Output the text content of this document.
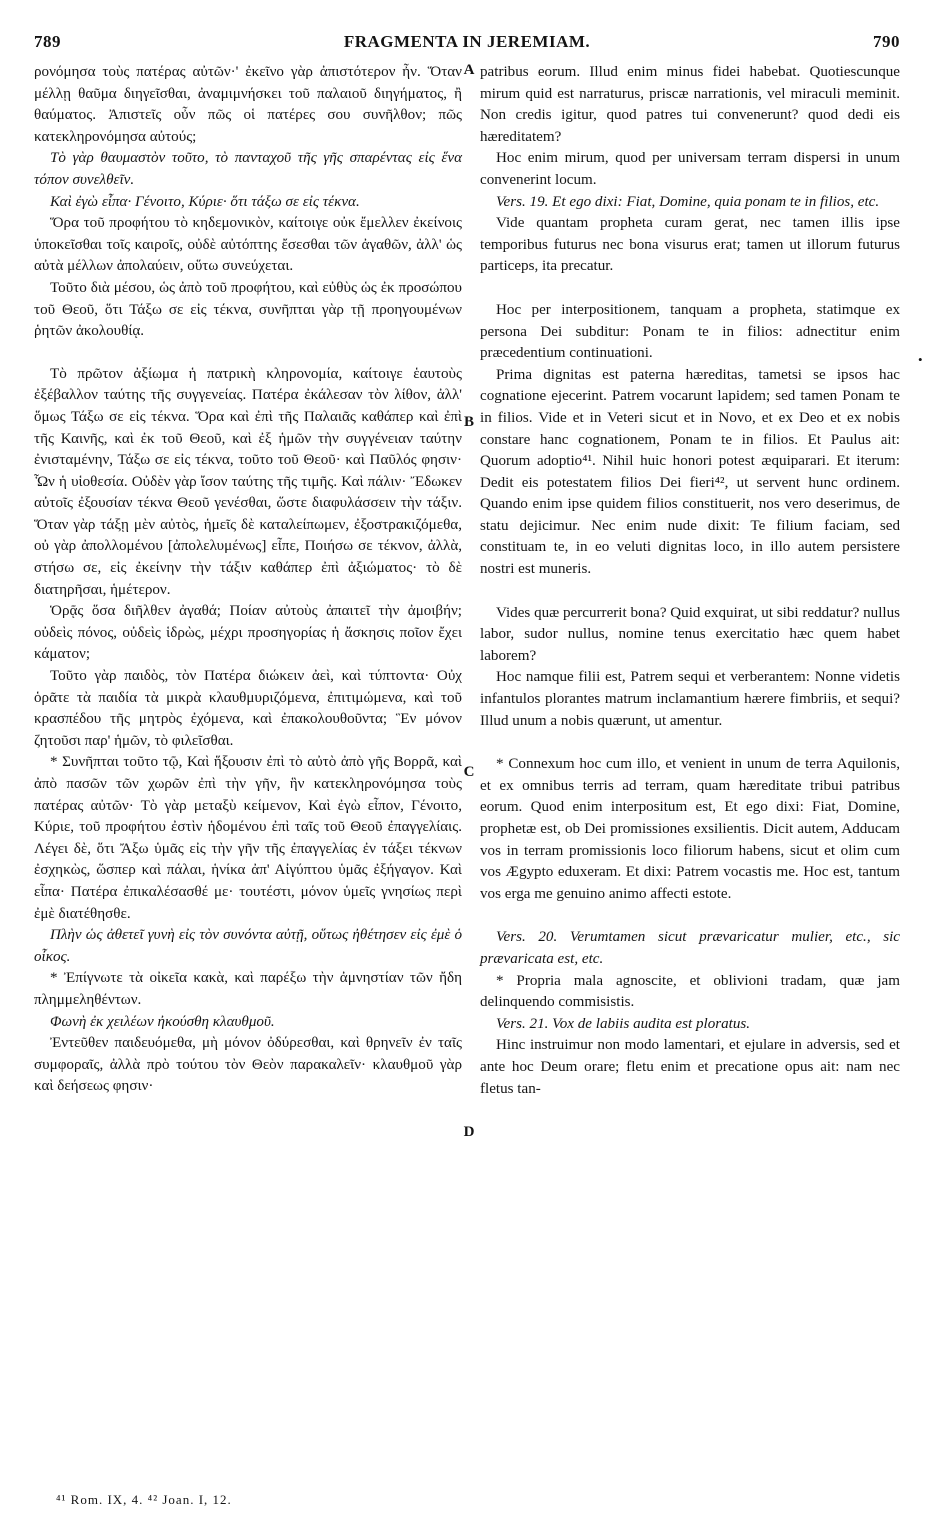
789	FRAGMENTA IN JEREMIAM.	790

ρονόμησα τοὺς πατέρας αὐτῶν·' ἐκεῖνο γὰρ ἀπιστότερον ἦν. Ὅταν μέλλῃ θαῦμα διηγεῖσθαι, ἀναμιμνήσκει τοῦ παλαιοῦ διηγήματος, ἢ θαύματος. Ἀπιστεῖς οὖν πῶς οἱ πατέρες σου συνῆλθον; πῶς κατεκληρονόμησα αὐτούς;

Τὸ γὰρ θαυμαστὸν τοῦτο, τὸ πανταχοῦ τῆς γῆς σπαρέντας εἰς ἕνα τόπον συνελθεῖν.

Καὶ ἐγὼ εἶπα· Γένοιτο, Κύριε· ὅτι τάξω σε εἰς τέκνα.

Ὅρα τοῦ προφήτου τὸ κηδεμονικὸν, καίτοιγε οὐκ ἔμελλεν ἐκείνοις ὑποκεῖσθαι τοῖς καιροῖς, οὐδὲ αὐτόπτης ἔσεσθαι τῶν ἀγαθῶν, ἀλλ' ὡς αὐτὰ μέλλων ἀπολαύειν, οὕτω συνεύχεται.

Τοῦτο διὰ μέσου, ὡς ἀπὸ τοῦ προφήτου, καὶ εὐθὺς ὡς ἐκ προσώπου τοῦ Θεοῦ, ὅτι Τάξω σε εἰς τέκνα, συνῆπται γὰρ τῇ προηγουμένων ῥητῶν ἀκολουθίᾳ.

Τὸ πρῶτον ἀξίωμα ἡ πατρικὴ κληρονομία, καίτοιγε ἑαυτοὺς ἐξέβαλλον ταύτης τῆς συγγενείας. Πατέρα ἐκάλεσαν τὸν λίθον, ἀλλ' ὅμως Τάξω σε εἰς τέκνα. Ὅρα καὶ ἐπὶ τῆς Παλαιᾶς καθάπερ καὶ ἐπὶ τῆς Καινῆς, καὶ ἐκ τοῦ Θεοῦ, καὶ ἐξ ἡμῶν τὴν συγγένειαν ταύτην ἐνισταμένην, Τάξω σε εἰς τέκνα, τοῦτο τοῦ Θεοῦ· καὶ Παῦλός φησιν· Ὧν ἡ υἱοθεσία. Οὐδὲν γὰρ ἴσον ταύτης τῆς τιμῆς. Καὶ πάλιν· Ἔδωκεν αὐτοῖς ἐξουσίαν τέκνα Θεοῦ γενέσθαι, ὥστε διαφυλάσσειν τὴν τάξιν. Ὅταν γὰρ τάξῃ μὲν αὐτὸς, ἡμεῖς δὲ καταλείπωμεν, ἐξοστρακιζόμεθα, οὐ γὰρ ἀπολλομένου [ἀπολελυμένως] εἶπε, Ποιήσω σε τέκνον, ἀλλὰ, στήσω σε, εἰς ἐκείνην τὴν τάξιν καθάπερ ἐπὶ ἀξιώματος· τὸ δὲ διατηρῆσαι, ἡμέτερον.

Ὁρᾷς ὅσα διῆλθεν ἀγαθά; Ποίαν αὐτοὺς ἀπαιτεῖ τὴν ἀμοιβήν; οὐδεὶς πόνος, οὐδεὶς ἱδρὼς, μέχρι προσηγορίας ἡ ἄσκησις ποῖον ἔχει κάματον;

Τοῦτο γὰρ παιδὸς, τὸν Πατέρα διώκειν ἀεὶ, καὶ τύπτοντα· Οὐχ ὁρᾶτε τὰ παιδία τὰ μικρὰ κλαυθμυριζόμενα, ἐπιτιμώμενα, καὶ τοῦ κρασπέδου τῆς μητρὸς ἐχόμενα, καὶ ἐπακολουθοῦντα; Ἓν μόνον ζητοῦσι παρ' ἡμῶν, τὸ φιλεῖσθαι.

* Συνῆπται τοῦτο τῷ, Καὶ ἥξουσιν ἐπὶ τὸ αὐτὸ ἀπὸ γῆς Βορρᾶ, καὶ ἀπὸ πασῶν τῶν χωρῶν ἐπὶ τὴν γῆν, ἣν κατεκληρονόμησα τοὺς πατέρας αὐτῶν· Τὸ γὰρ μεταξὺ κείμενον, Καὶ ἐγὼ εἶπον, Γένοιτο, Κύριε, τοῦ προφήτου ἐστὶν ἡδομένου ἐπὶ ταῖς τοῦ Θεοῦ ἐπαγγελίαις. Λέγει δὲ, ὅτι Ἄξω ὑμᾶς εἰς τὴν γῆν τῆς ἐπαγγελίας ἐν τάξει τέκνων ἐσχηκὼς, ὥσπερ καὶ πάλαι, ἡνίκα ἀπ' Αἰγύπτου ὑμᾶς ἐξήγαγον. Καὶ εἶπα· Πατέρα ἐπικαλέσασθέ με· τουτέστι, μόνον ὑμεῖς γνησίως περὶ ἐμὲ διατέθησθε.

Πλὴν ὡς ἀθετεῖ γυνὴ εἰς τὸν συνόντα αὐτῇ, οὕτως ἠθέτησεν εἰς ἐμὲ ὁ οἶκος.

* Ἐπίγνωτε τὰ οἰκεῖα κακὰ, καὶ παρέξω τὴν ἀμνηστίαν τῶν ἤδη πλημμεληθέντων.

Φωνὴ ἐκ χειλέων ἠκούσθη κλαυθμοῦ.

Ἐντεῦθεν παιδευόμεθα, μὴ μόνον ὀδύρεσθαι, καὶ θρηνεῖν ἐν ταῖς συμφοραῖς, ἀλλὰ πρὸ τούτου τὸν Θεὸν παρακαλεῖν· κλαυθμοῦ γὰρ καὶ δεήσεως φησιν·

A
B
C
D
•

patribus eorum. Illud enim minus fidei habebat. Quotiescunque mirum quid est narraturus, priscæ narrationis, vel miraculi meminit. Non credis igitur, quod patres tui convenerunt? quod dedi eis hæreditatem?

Hoc enim mirum, quod per universam terram dispersi in unum convenerint locum.

Vers. 19. Et ego dixi: Fiat, Domine, quia ponam te in filios, etc.

Vide quantam propheta curam gerat, nec tamen illis ipse temporibus futurus nec bona visurus erat; tamen ut illorum futurus particeps, ita precatur.

Hoc per interpositionem, tanquam a propheta, statimque ex persona Dei subditur: Ponam te in filios: adnectitur enim præcedentium continuationi.

Prima dignitas est paterna hæreditas, tametsi se ipsos hac cognatione ejecerint. Patrem vocarunt lapidem; sed tamen Ponam te in filios. Vide et in Veteri sicut et in Novo, et ex Deo et ex nobis constare hanc cognationem, Ponam te in filios. Et Paulus ait: Quorum adoptio⁴¹. Nihil huic honori potest æquiparari. Et iterum: Dedit eis potestatem filios Dei fieri⁴², ut servent hunc ordinem. Quando enim ipse quidem filios constituerit, nos vero deserimus, de statu dejicimur. Nec enim nude dixit: Te filium faciam, sed constituam te, in eo veluti dignitas loco, in illo autem persistere nostri est muneris.

Vides quæ percurrerit bona? Quid exquirat, ut sibi reddatur? nullus labor, sudor nullus, nomine tenus exercitatio hæc quem habet laborem?

Hoc namque filii est, Patrem sequi et verberantem: Nonne videtis infantulos plorantes matrum inclamantium hærere fimbriis, et sequi? Illud unum a nobis quærunt, ut amentur.

* Connexum hoc cum illo, et venient in unum de terra Aquilonis, et ex omnibus terris ad terram, quam hæreditate tribui patribus eorum. Quod enim interpositum est, Et ego dixi: Fiat, Domine, prophetæ est, ob Dei promissiones exsilientis. Dicit autem, Adducam vos in terram promissionis loco filiorum habens, sicut et olim cum vos Ægypto eduxeram. Et dixi: Patrem vocastis me. Hoc est, tantum vos erga me genuino animo affecti estote.

Vers. 20. Verumtamen sicut prævaricatur mulier, etc., sic prævaricata est, etc.

* Propria mala agnoscite, et oblivioni tradam, quæ jam delinquendo commisistis.

Vers. 21. Vox de labiis audita est ploratus.

Hinc instruimur non modo lamentari, et ejulare in adversis, sed et ante hoc Deum orare; fletu enim et precatione opus ait: nam nec fletus tan-

⁴¹ Rom. IX, 4. ⁴² Joan. I, 12.
